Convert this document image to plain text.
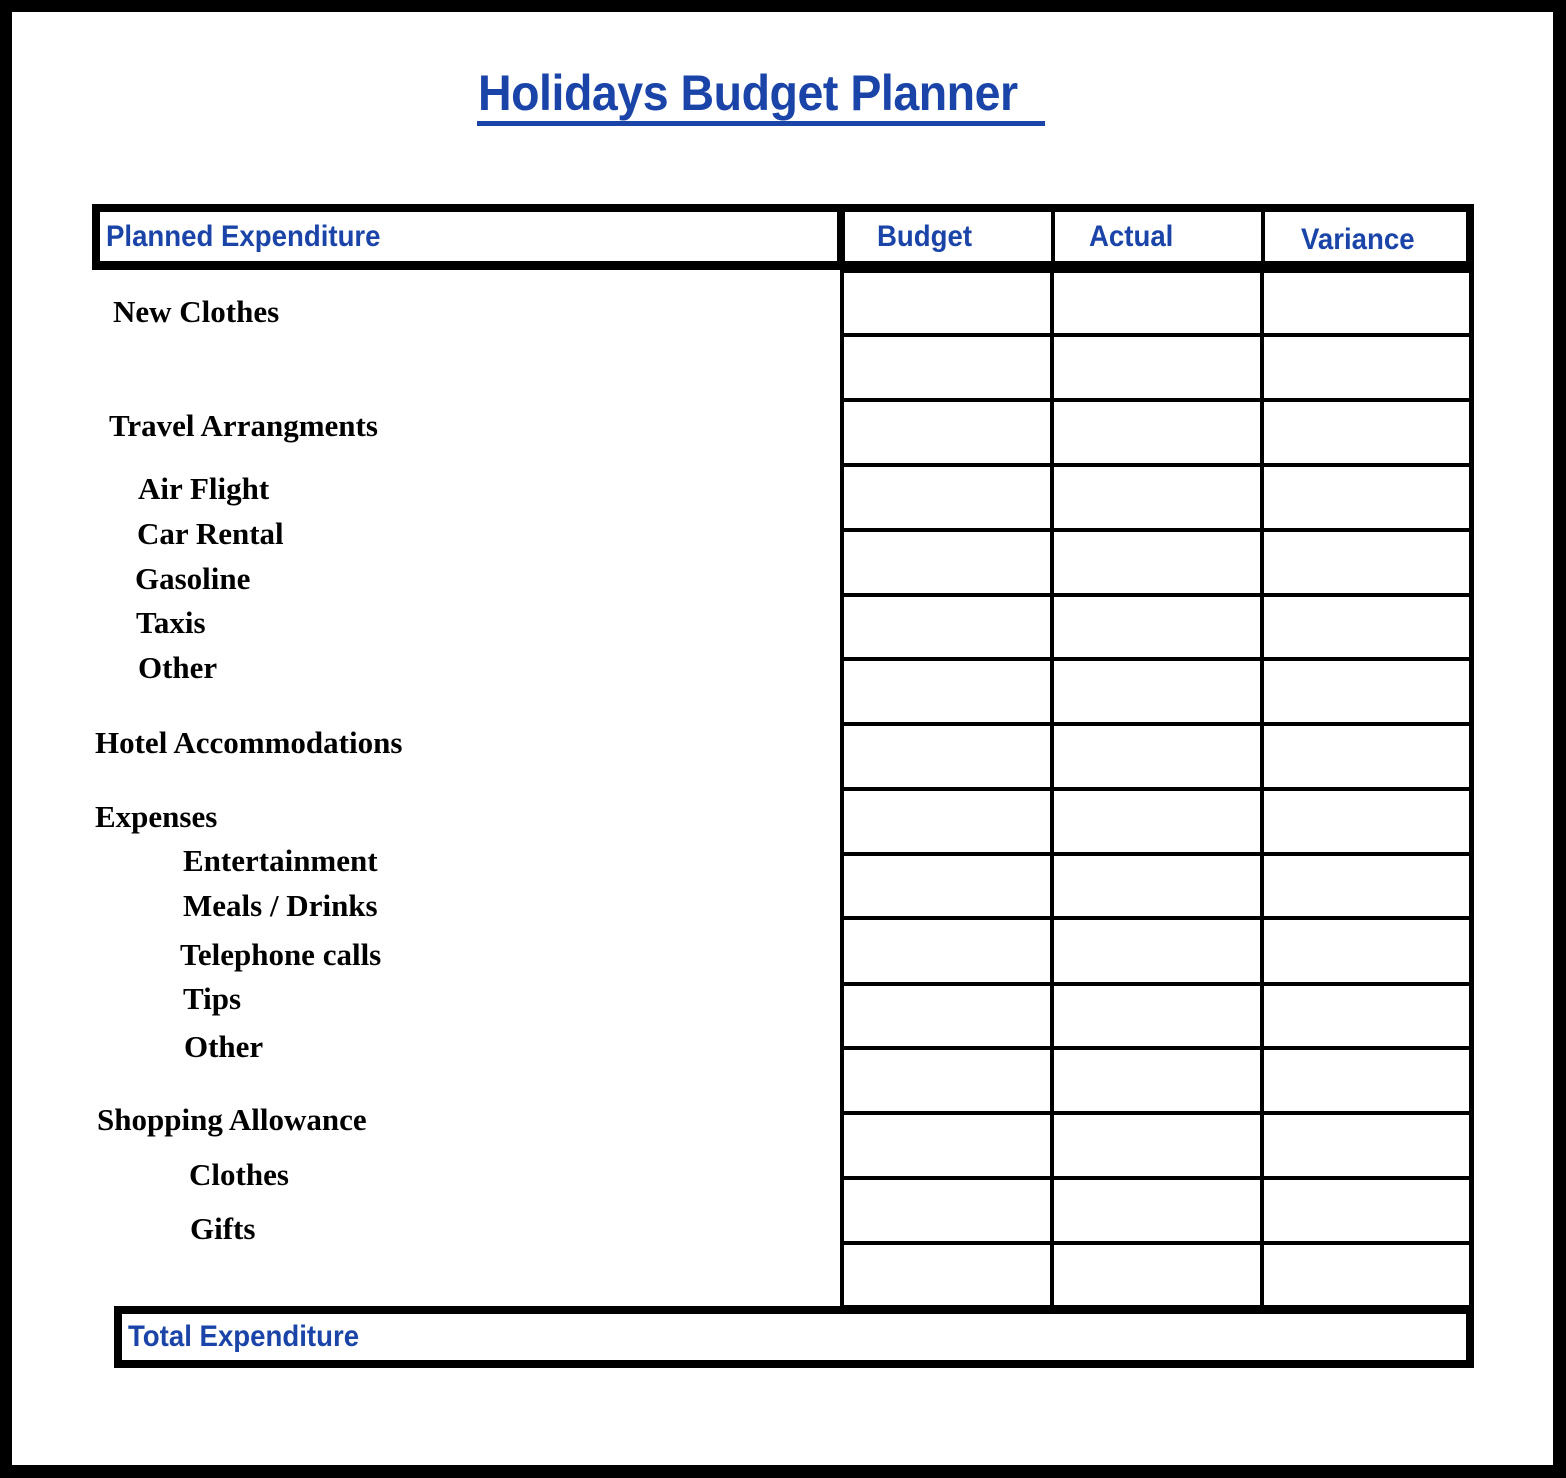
Holidays Budget Planner
Planned Expenditure	Budget	Actual	Variance
New Clothes
Travel Arrangments
Air Flight
Car Rental
Gasoline
Taxis
Other
Hotel Accommodations
Expenses
Entertainment
Meals / Drinks
Telephone calls
Tips
Other
Shopping Allowance
Clothes
Gifts
Total Expenditure
